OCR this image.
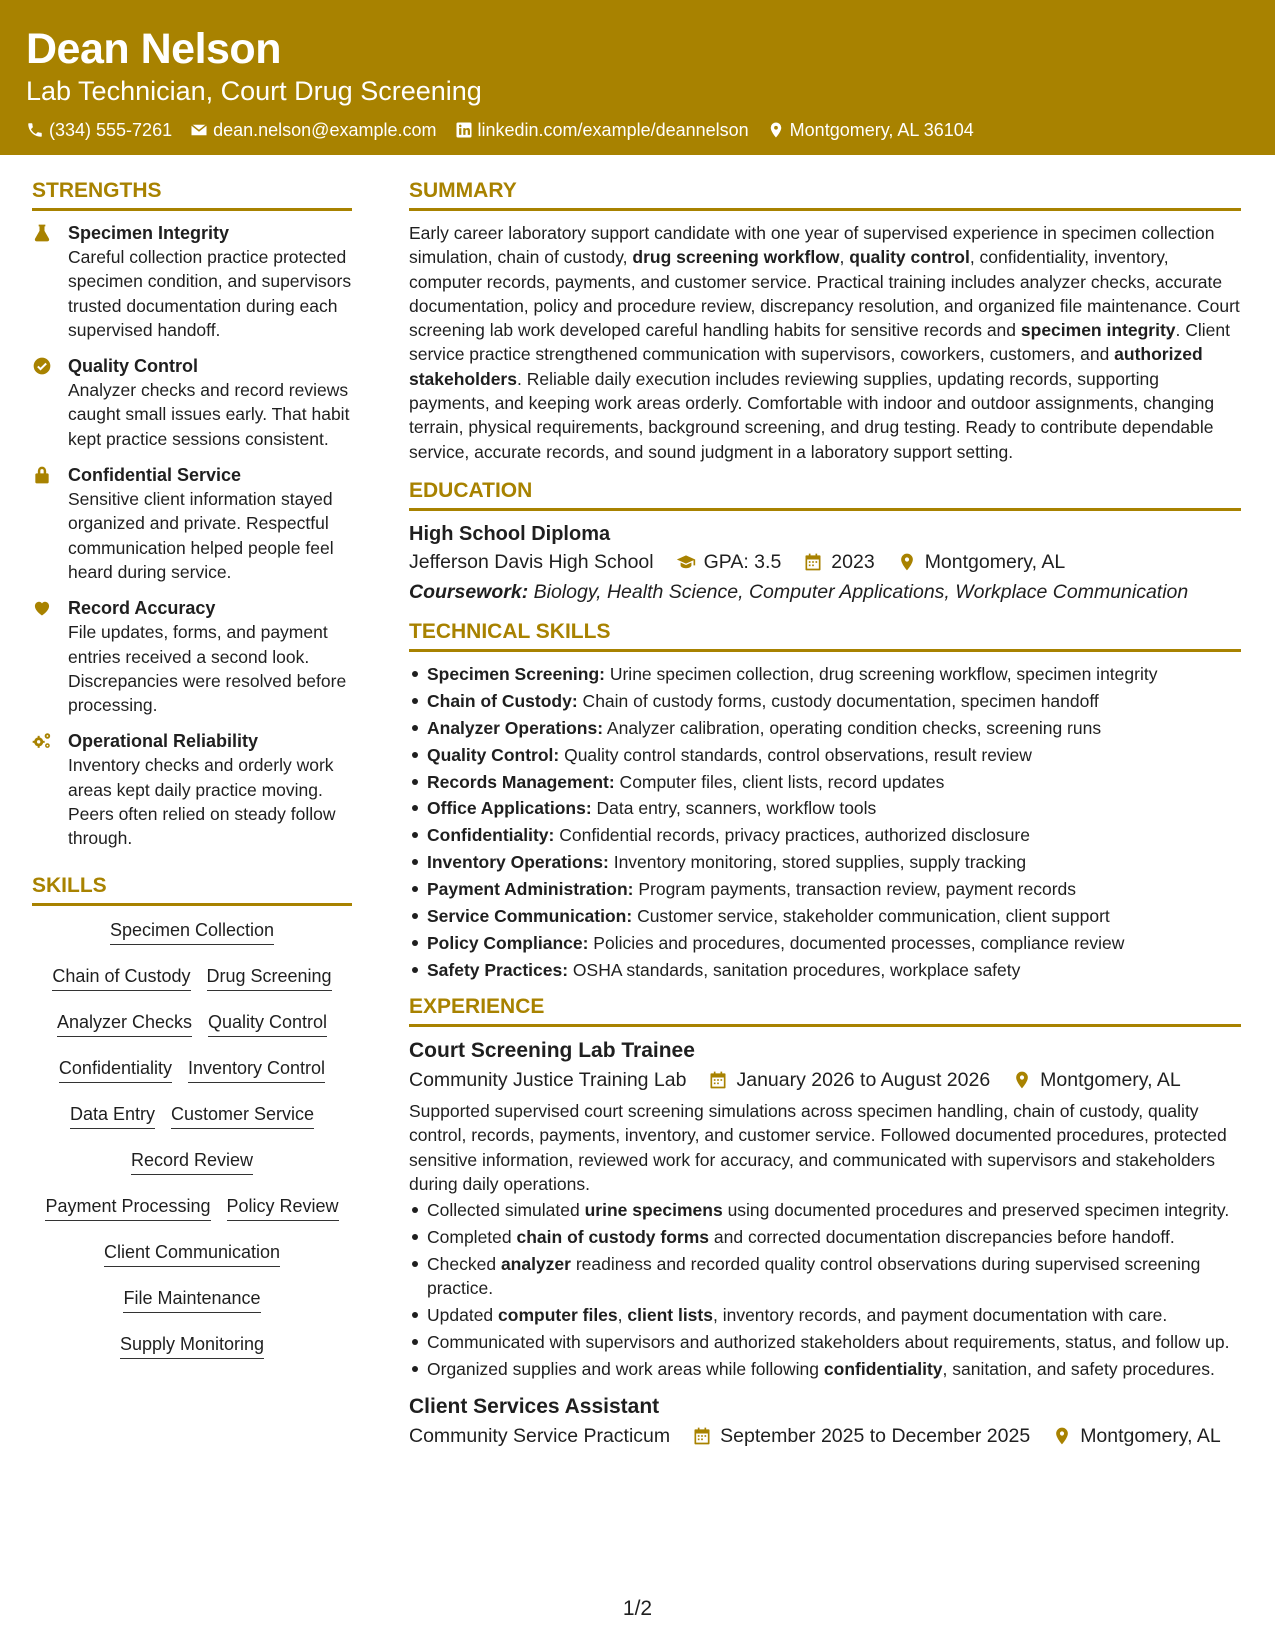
Dean Nelson
Lab Technician, Court Drug Screening
(334) 555-7261 dean.nelson@example.com linkedin.com/example/deannelson Montgomery, AL 36104
STRENGTHS
Specimen Integrity
Careful collection practice protected specimen condition, and supervisors trusted documentation during each supervised handoff.
Quality Control
Analyzer checks and record reviews caught small issues early. That habit kept practice sessions consistent.
Confidential Service
Sensitive client information stayed organized and private. Respectful communication helped people feel heard during service.
Record Accuracy
File updates, forms, and payment entries received a second look. Discrepancies were resolved before processing.
Operational Reliability
Inventory checks and orderly work areas kept daily practice moving. Peers often relied on steady follow through.
SKILLS
Specimen Collection
Chain of Custody Drug Screening
Analyzer Checks Quality Control
Confidentiality Inventory Control
Data Entry Customer Service
Record Review
Payment Processing Policy Review
Client Communication
File Maintenance
Supply Monitoring
SUMMARY
Early career laboratory support candidate with one year of supervised experience in specimen collection simulation, chain of custody, drug screening workflow, quality control, confidentiality, inventory, computer records, payments, and customer service. Practical training includes analyzer checks, accurate documentation, policy and procedure review, discrepancy resolution, and organized file maintenance. Court screening lab work developed careful handling habits for sensitive records and specimen integrity. Client service practice strengthened communication with supervisors, coworkers, customers, and authorized stakeholders. Reliable daily execution includes reviewing supplies, updating records, supporting payments, and keeping work areas orderly. Comfortable with indoor and outdoor assignments, changing terrain, physical requirements, background screening, and drug testing. Ready to contribute dependable service, accurate records, and sound judgment in a laboratory support setting.
EDUCATION
High School Diploma
Jefferson Davis High School	GPA: 3.5	2023	Montgomery, AL
Coursework: Biology, Health Science, Computer Applications, Workplace Communication
TECHNICAL SKILLS
Specimen Screening: Urine specimen collection, drug screening workflow, specimen integrity
Chain of Custody: Chain of custody forms, custody documentation, specimen handoff
Analyzer Operations: Analyzer calibration, operating condition checks, screening runs
Quality Control: Quality control standards, control observations, result review
Records Management: Computer files, client lists, record updates
Office Applications: Data entry, scanners, workflow tools
Confidentiality: Confidential records, privacy practices, authorized disclosure
Inventory Operations: Inventory monitoring, stored supplies, supply tracking
Payment Administration: Program payments, transaction review, payment records
Service Communication: Customer service, stakeholder communication, client support
Policy Compliance: Policies and procedures, documented processes, compliance review
Safety Practices: OSHA standards, sanitation procedures, workplace safety
EXPERIENCE
Court Screening Lab Trainee
Community Justice Training Lab	January 2026 to August 2026	Montgomery, AL
Supported supervised court screening simulations across specimen handling, chain of custody, quality control, records, payments, inventory, and customer service. Followed documented procedures, protected sensitive information, reviewed work for accuracy, and communicated with supervisors and stakeholders during daily operations.
Collected simulated urine specimens using documented procedures and preserved specimen integrity.
Completed chain of custody forms and corrected documentation discrepancies before handoff.
Checked analyzer readiness and recorded quality control observations during supervised screening practice.
Updated computer files, client lists, inventory records, and payment documentation with care.
Communicated with supervisors and authorized stakeholders about requirements, status, and follow up.
Organized supplies and work areas while following confidentiality, sanitation, and safety procedures.
Client Services Assistant
Community Service Practicum	September 2025 to December 2025	Montgomery, AL
1/2
